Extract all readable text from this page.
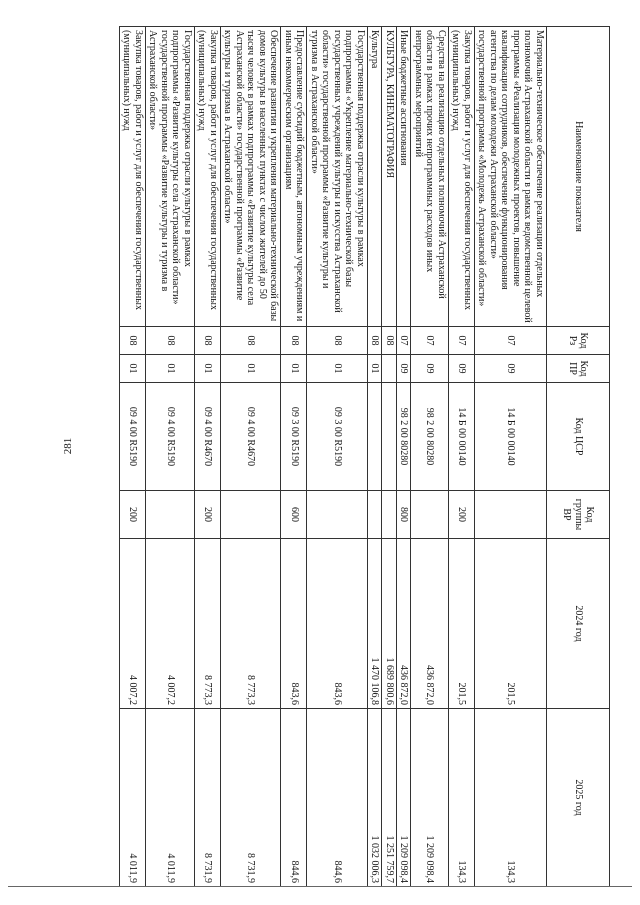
281
Наименование показателя	Код Рз	Код ПР	Код ЦСР	Код группы ВР	2024 год	2025 год
Материально-техническое обеспечение реализации отдельных полномочий Астраханской области в рамках ведомственной целевой программы «Реализация молодежных проектов, повышение квалификации сотрудников, обеспечение функционирования агентства по делам молодежи Астраханской области» государственной программы «Молодежь Астраханской области»	07	09	14 Б 00 00140		201,5	134,3
Закупка товаров, работ и услуг для обеспечения государственных (муниципальных) нужд	07	09	14 Б 00 00140	200	201,5	134,3
Средства на реализацию отдельных полномочий Астраханской области в рамках прочих непрограммных расходов иных непрограммных мероприятий	07	09	98 2 00 80280		436 872,0	1 209 098,4
Иные бюджетные ассигнования	07	09	98 2 00 80280	800	436 872,0	1 209 098,4
КУЛЬТУРА, КИНЕМАТОГРАФИЯ	08				1 689 800,6	1 251 759,7
Культура	08	01			1 470 106,8	1 032 006,3
Государственная поддержка отрасли культуры в рамках подпрограммы «Укрепление материально-технической базы государственных учреждений культуры и искусства Астраханской области» государственной программы «Развитие культуры и туризма в Астраханской области»	08	01	09 3 00 R5190		843,6	844,6
Предоставление субсидий бюджетным, автономным учреждениям и иным некоммерческим организациям	08	01	09 3 00 R5190	600	843,6	844,6
Обеспечение развития и укрепления материально-технической базы домов культуры в населенных пунктах с числом жителей до 50 тысяч человек в рамках подпрограммы «Развитие культуры села Астраханской области» государственной программы «Развитие культуры и туризма в Астраханской области»	08	01	09 4 00 R4670		8 773,3	8 731,9
Закупка товаров, работ и услуг для обеспечения государственных (муниципальных) нужд	08	01	09 4 00 R4670	200	8 773,3	8 731,9
Государственная поддержка отрасли культуры в рамках подпрограммы «Развитие культуры села Астраханской области» государственной программы «Развитие культуры и туризма в Астраханской области»	08	01	09 4 00 R5190		4 007,2	4 011,9
Закупка товаров, работ и услуг для обеспечения государственных (муниципальных) нужд	08	01	09 4 00 R5190	200	4 007,2	4 011,9
